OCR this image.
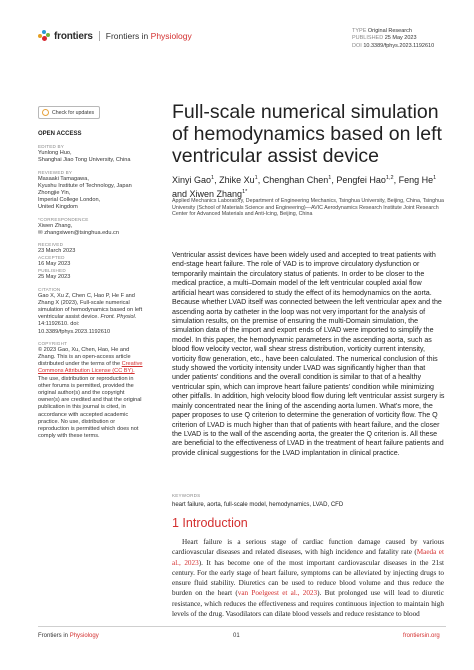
frontiers Frontiers in Physiology	TYPE Original Research
PUBLISHED 25 May 2023
DOI 10.3389/fphys.2023.1192610
Check for updates
OPEN ACCESS
EDITED BY
Yunlong Huo,
Shanghai Jiao Tong University, China
REVIEWED BY
Masaaki Tamagawa,
Kyushu Institute of Technology, Japan
Zhongjie Yin,
Imperial College London,
United Kingdom
*CORRESPONDENCE
Xiwen Zhang,
✉ zhangxiwen@tsinghua.edu.cn
RECEIVED
23 March 2023
ACCEPTED
16 May 2023
PUBLISHED
25 May 2023
CITATION
Gao X, Xu Z, Chen C, Hao P, He F and Zhang X (2023), Full-scale numerical simulation of hemodynamics based on left ventricular assist device. Front. Physiol. 14:1192610. doi: 10.3389/fphys.2023.1192610
COPYRIGHT
© 2023 Gao, Xu, Chen, Hao, He and Zhang. This is an open-access article distributed under the terms of the Creative Commons Attribution License (CC BY). The use, distribution or reproduction in other forums is permitted, provided the original author(s) and the copyright owner(s) are credited and that the original publication in this journal is cited, in accordance with accepted academic practice. No use, distribution or reproduction is permitted which does not comply with these terms.
Full-scale numerical simulation of hemodynamics based on left ventricular assist device
Xinyi Gao$^1$, Zhike Xu$^1$, Chenghan Chen$^1$, Pengfei Hao$^{1,2}$, Feng He$^1$ and Xiwen Zhang$^{1*}$
Applied Mechanics Laboratory, Department of Engineering Mechanics, Tsinghua University, Beijing, China, Tsinghua University (School of Materials Science and Engineering)—AVIC Aerodynamics Research Institute Joint Research Center for Advanced Materials and Anti-Icing, Beijing, China
Ventricular assist devices have been widely used and accepted to treat patients with end-stage heart failure. The role of VAD is to improve circulatory dysfunction or temporarily maintain the circulatory status of patients. In order to be closer to the medical practice, a multi–Domain model of the left ventricular coupled axial flow artificial heart was considered to study the effect of its hemodynamics on the aorta. Because whether LVAD itself was connected between the left ventricular apex and the ascending aorta by catheter in the loop was not very important for the analysis of simulation results, on the premise of ensuring the multi-Domain simulation, the simulation data of the import and export ends of LVAD were imported to simplify the model. In this paper, the hemodynamic parameters in the ascending aorta, such as blood flow velocity vector, wall shear stress distribution, vorticity current intensity, vorticity flow generation, etc., have been calculated. The numerical conclusion of this study showed the vorticity intensity under LVAD was significantly higher than that under patients' conditions and the overall condition is similar to that of a healthy ventricular spin, which can improve heart failure patients' condition while minimizing other pitfalls. In addition, high velocity blood flow during left ventricular assist surgery is mainly concentrated near the lining of the ascending aorta lumen. What's more, the paper proposes to use Q criterion to determine the generation of vorticity flow. The Q criterion of LVAD is much higher than that of patients with heart failure, and the closer the LVAD is to the wall of the ascending aorta, the greater the Q criterion is. All these are beneficial to the effectiveness of LVAD in the treatment of heart failure patients and provide clinical suggestions for the LVAD implantation in clinical practice.
KEYWORDS
heart failure, aorta, full-scale model, hemodynamics, LVAD, CFD
1 Introduction
Heart failure is a serious stage of cardiac function damage caused by various cardiovascular diseases and related diseases, with high incidence and fatality rate (Maeda et al., 2023). It has become one of the most important cardiovascular diseases in the 21st century. For the early stage of heart failure, symptoms can be alleviated by injecting drugs to ensure fluid stability. Diuretics can be used to reduce blood volume and thus reduce the burden on the heart (van Poelgeest et al., 2023). But prolonged use will lead to diuretic resistance, which reduces the effectiveness and requires continuous injection to maintain high levels of the drug. Vasodilators can dilate blood vessels and reduce resistance to blood
Frontiers in Physiology	01	frontiersin.org
